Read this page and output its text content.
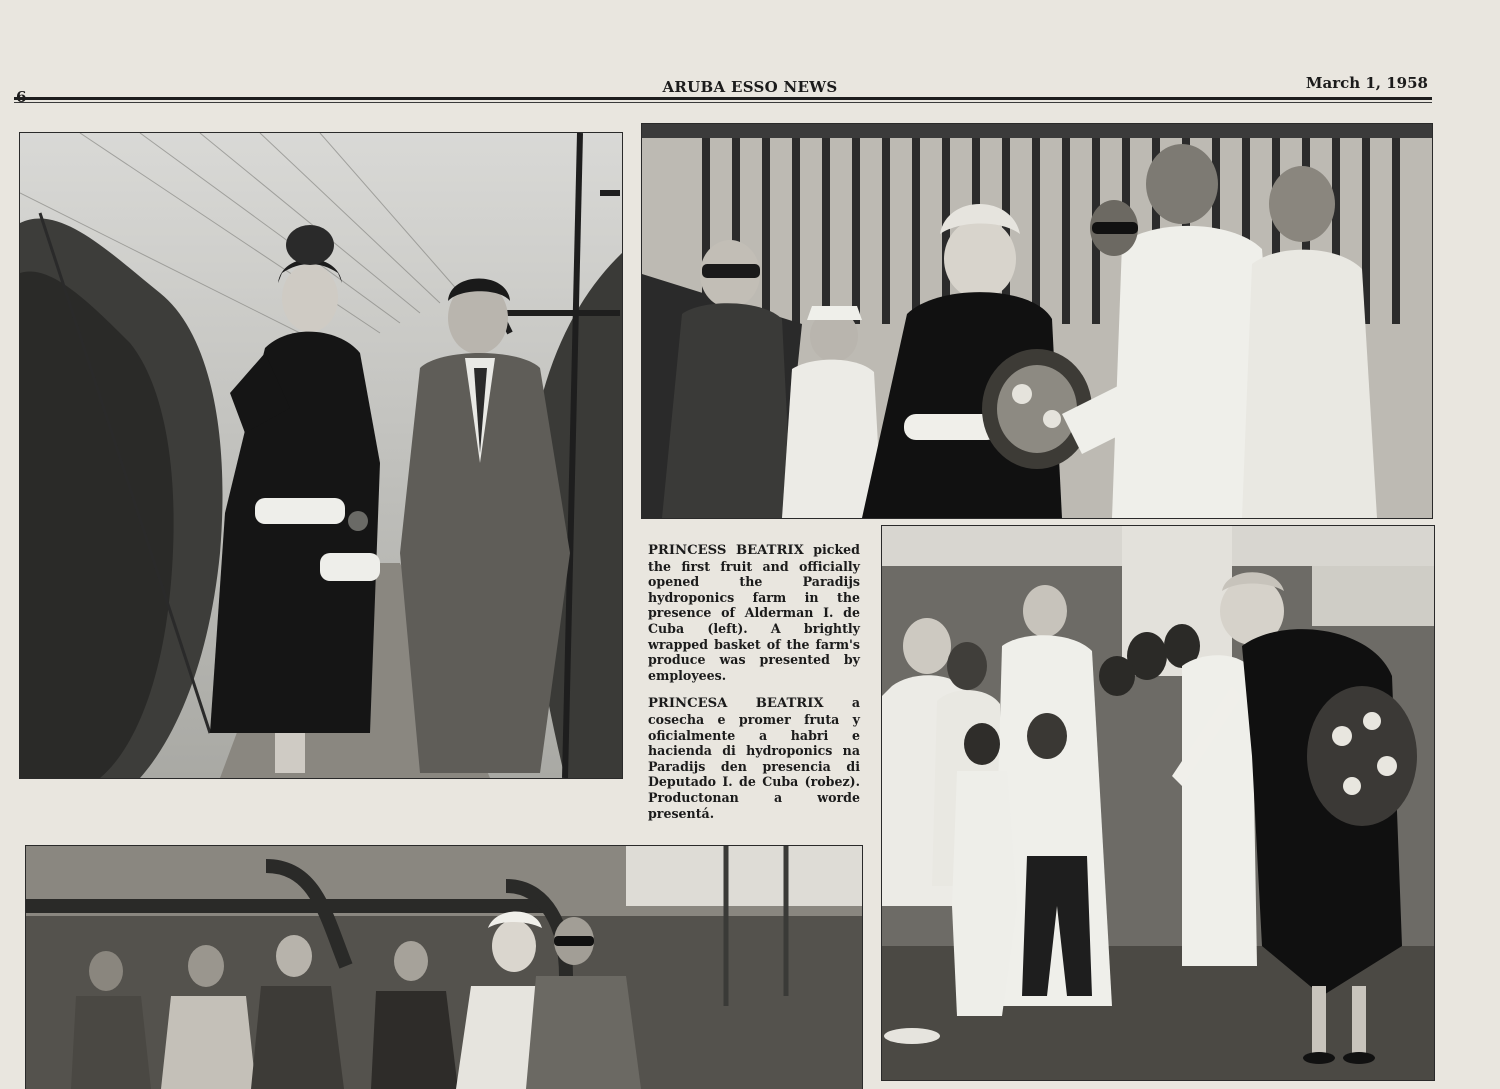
ARUBA ESSO NEWS	March 1, 1958

PRINCESS BEATRIX picked the first fruit and officially opened the Paradijs hydroponics farm in the presence of Alderman I. de Cuba (left). A brightly wrapped basket of the farm's produce was presented by employees.

PRINCESA BEATRIX a cosecha e promer fruta y oficialmente a habri e hacienda di hydroponics na Paradijs den presencia di Deputado I. de Cuba (robez). Productonan a worde presentá.
